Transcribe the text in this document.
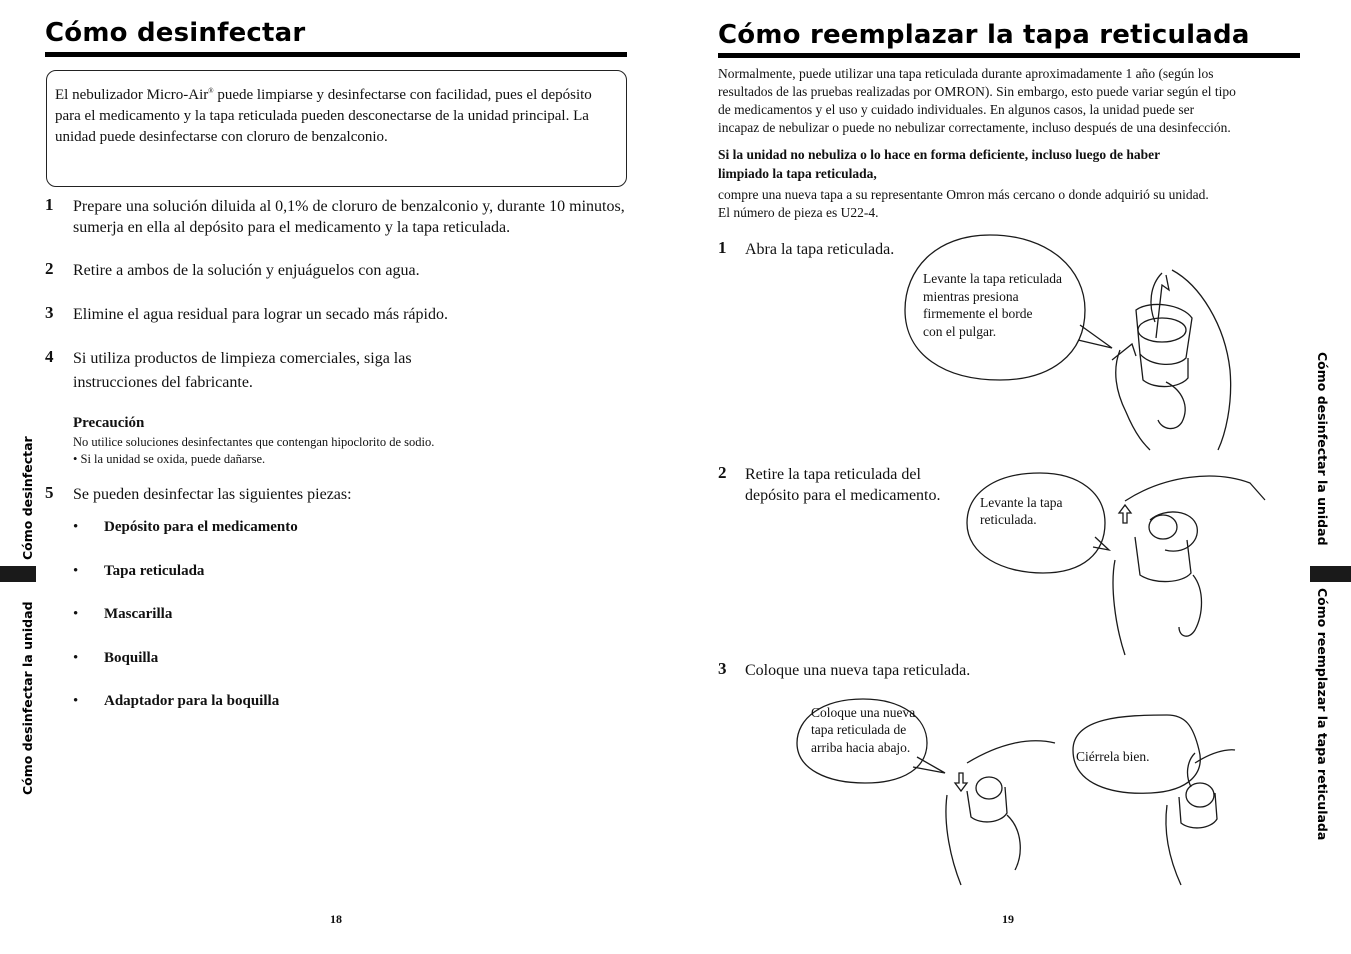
Cómo desinfectar
El nebulizador Micro-Air® puede limpiarse y desinfectarse con facilidad, pues el depósito para el medicamento y la tapa reticulada pueden desconectarse de la unidad principal. La unidad puede desinfectarse con cloruro de benzalconio.
1 Prepare una solución diluida al 0,1% de cloruro de benzalconio y, durante 10 minutos, sumerja en ella al depósito para el medicamento y la tapa reticulada.
2 Retire a ambos de la solución y enjuáguelos con agua.
3 Elimine el agua residual para lograr un secado más rápido.
4 Si utiliza productos de limpieza comerciales, siga las
instrucciones del fabricante.
Precaución
No utilice soluciones desinfectantes que contengan hipoclorito de sodio.
• Si la unidad se oxida, puede dañarse.
5 Se pueden desinfectar las siguientes piezas:
• Depósito para el medicamento
• Tapa reticulada
• Mascarilla
• Boquilla
• Adaptador para la boquilla
18
Cómo desinfectar
Cómo desinfectar la unidad
Cómo reemplazar la tapa reticulada
Normalmente, puede utilizar una tapa reticulada durante aproximadamente 1 año (según los
resultados de las pruebas realizadas por OMRON). Sin embargo, esto puede variar según el tipo
de medicamentos y el uso y cuidado individuales. En algunos casos, la unidad puede ser
incapaz de nebulizar o puede no nebulizar correctamente, incluso después de una desinfección.
Si la unidad no nebuliza o lo hace en forma deficiente, incluso luego de haber
limpiado la tapa reticulada,
compre una nueva tapa a su representante Omron más cercano o donde adquirió su unidad.
El número de pieza es U22-4.
1 Abra la tapa reticulada.
Levante la tapa reticulada
mientras presiona
firmemente el borde
con el pulgar.
2 Retire la tapa reticulada del
depósito para el medicamento.	Levante la tapa
reticulada.
3 Coloque una nueva tapa reticulada.
Coloque una nueva
tapa reticulada de
arriba hacia abajo.
Ciérrela bien.
19
Cómo desinfectar la unidad
Cómo reemplazar la tapa reticulada
